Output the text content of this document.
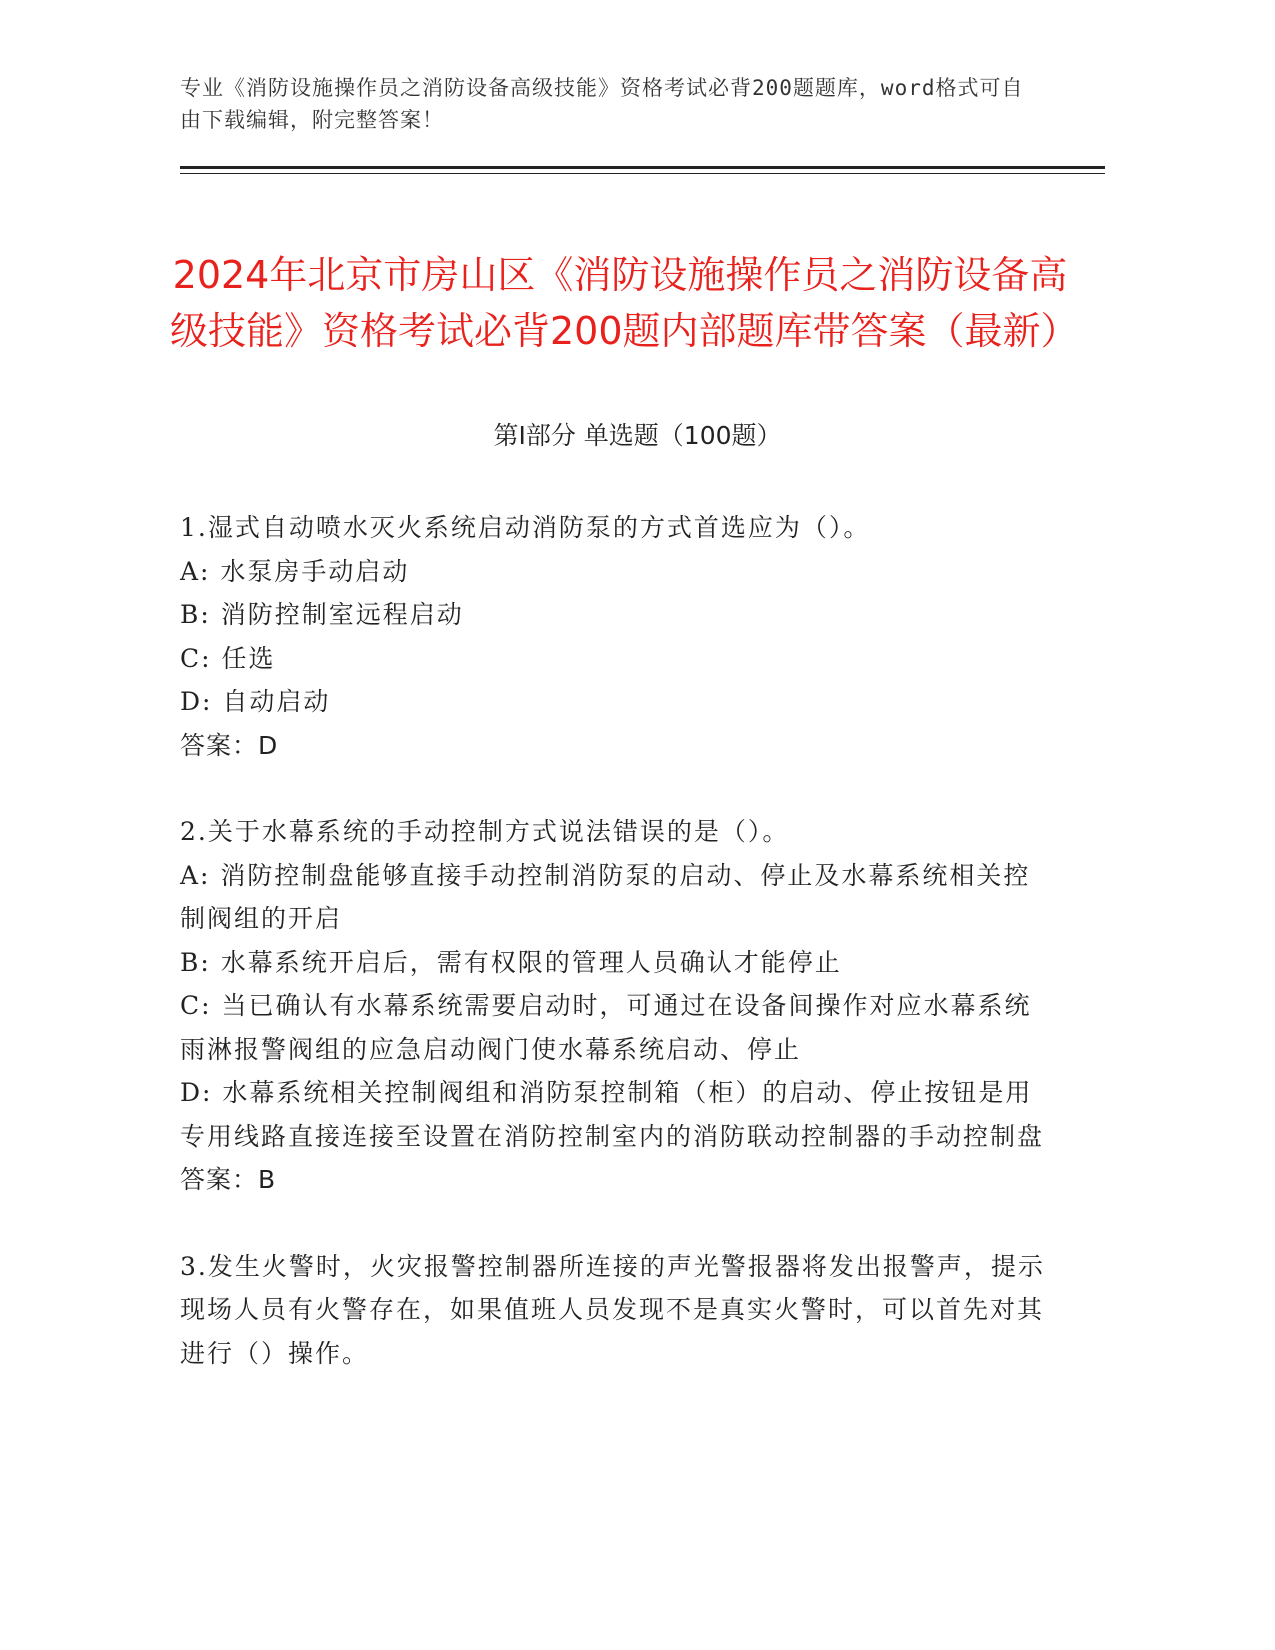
专业《消防设施操作员之消防设备高级技能》资格考试必背200题题库，word格式可自由下载编辑，附完整答案！
2024年北京市房山区《消防设施操作员之消防设备高级技能》资格考试必背200题内部题库带答案（最新）
第I部分 单选题（100题）

1.湿式自动喷水灭火系统启动消防泵的方式首选应为（）。

A: 水泵房手动启动

B: 消防控制室远程启动

C: 任选

D: 自动启动

答案：D

2.关于水幕系统的手动控制方式说法错误的是（）。

A: 消防控制盘能够直接手动控制消防泵的启动、停止及水幕系统相关控制阀组的开启

B: 水幕系统开启后，需有权限的管理人员确认才能停止

C: 当已确认有水幕系统需要启动时，可通过在设备间操作对应水幕系统雨淋报警阀组的应急启动阀门使水幕系统启动、停止

D: 水幕系统相关控制阀组和消防泵控制箱（柜）的启动、停止按钮是用专用线路直接连接至设置在消防控制室内的消防联动控制器的手动控制盘

答案：B

3.发生火警时，火灾报警控制器所连接的声光警报器将发出报警声，提示现场人员有火警存在，如果值班人员发现不是真实火警时，可以首先对其进行（）操作。
